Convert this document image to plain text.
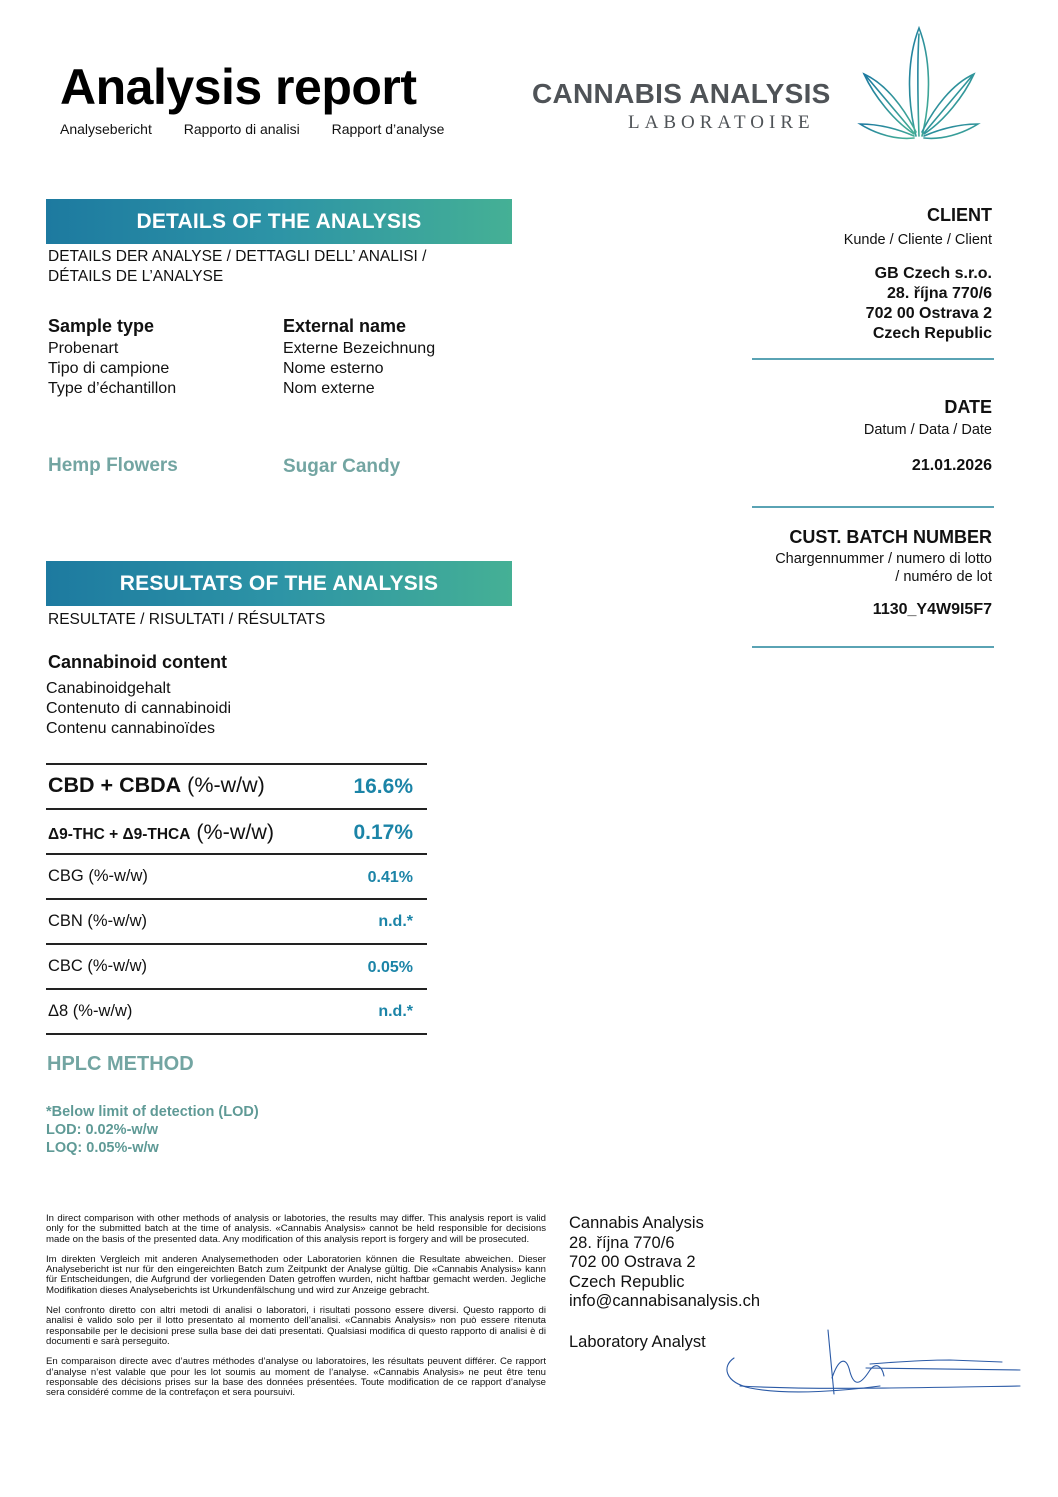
Analysis report
Analysebericht Rapporto di analisi Rapport d’analyse
CANNABIS ANALYSIS
LABORATOIRE
DETAILS OF THE ANALYSIS
DETAILS DER ANALYSE / DETTAGLI DELL’ ANALISI /
DÉTAILS DE L’ANALYSE
Sample type
Probenart
Tipo di campione
Type d’échantillon
External name
Externe Bezeichnung
Nome esterno
Nom externe
Hemp Flowers	Sugar Candy
CLIENT
Kunde / Cliente / Client
GB Czech s.r.o.
28. října 770/6
702 00 Ostrava 2
Czech Republic
DATE
Datum / Data / Date
21.01.2026
CUST. BATCH NUMBER
Chargennummer / numero di lotto
/ numéro de lot
1130_Y4W9I5F7
RESULTATS OF THE ANALYSIS
RESULTATE / RISULTATI / RÉSULTATS
Cannabinoid content
Canabinoidgehalt
Contenuto di cannabinoidi
Contenu cannabinoïdes
CBD + CBDA (%-w/w)	16.6%
Δ9-THC + Δ9-THCA (%-w/w)	0.17%
CBG (%-w/w)	0.41%
CBN (%-w/w)	n.d.*
CBC (%-w/w)	0.05%
Δ8 (%-w/w)	n.d.*
HPLC METHOD
*Below limit of detection (LOD)
LOD: 0.02%-w/w
LOQ: 0.05%-w/w

In direct comparison with other methods of analysis or labotories, the results may differ. This analysis report is valid only for the submitted batch at the time of analysis. «Cannabis Analysis» cannot be held responsible for decisions made on the basis of the presented data. Any modification of this analysis report is forgery and will be prosecuted.

Im direkten Vergleich mit anderen Analysemethoden oder Laboratorien können die Resultate abweichen. Dieser Analysebericht ist nur für den eingereichten Batch zum Zeitpunkt der Analyse gültig. Die «Cannabis Analysis» kann für Entscheidungen, die Aufgrund der vorliegenden Daten getroffen wurden, nicht haftbar gemacht werden. Jegliche Modifikation dieses Analyseberichts ist Urkundenfälschung und wird zur Anzeige gebracht.

Nel confronto diretto con altri metodi di analisi o laboratori, i risultati possono essere diversi. Questo rapporto di analisi è valido solo per il lotto presentato al momento dell’analisi. «Cannabis Analysis» non può essere ritenuta responsabile per le decisioni prese sulla base dei dati presentati. Qualsiasi modifica di questo rapporto di analisi è di documenti e sarà perseguito.

En comparaison directe avec d’autres méthodes d’analyse ou laboratoires, les résultats peuvent différer. Ce rapport d’analyse n’est valable que pour les lot soumis au moment de l’analyse. «Cannabis Analysis» ne peut être tenu responsable des décisions prises sur la base des données présentées. Toute modification de ce rapport d’analyse sera considéré comme de la contrefaçon et sera poursuivi.

Cannabis Analysis
28. října 770/6
702 00 Ostrava 2
Czech Republic
info@cannabisanalysis.ch
Laboratory Analyst
